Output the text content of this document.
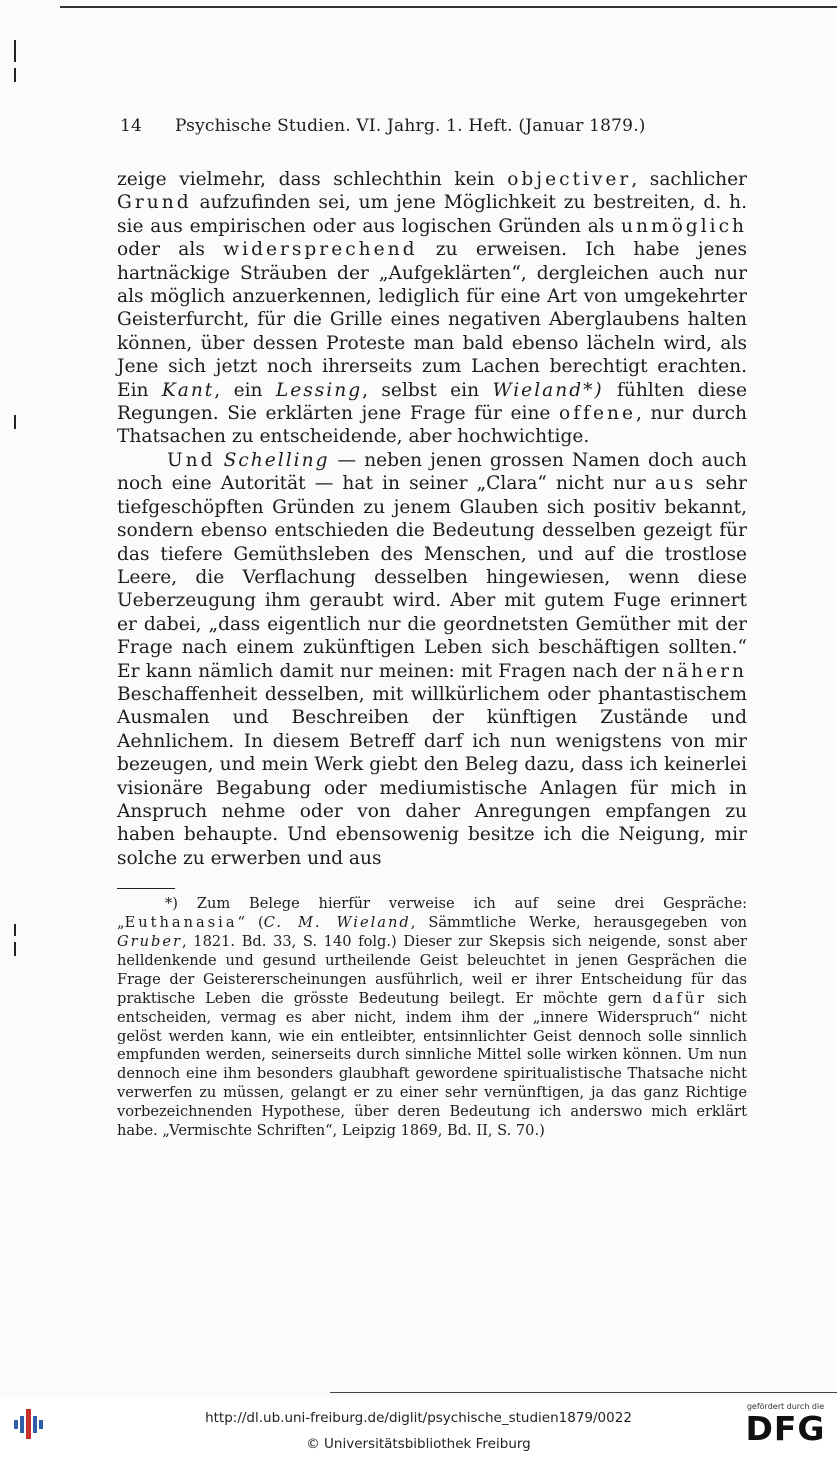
14 Psychische Studien. VI. Jahrg. 1. Heft. (Januar 1879.)

zeige vielmehr, dass schlechthin kein objectiver, sachlicher Grund aufzufinden sei, um jene Möglichkeit zu bestreiten, d. h. sie aus empirischen oder aus logischen Gründen als unmöglich oder als widersprechend zu erweisen. Ich habe jenes hartnäckige Sträuben der „Aufgeklärten“, dergleichen auch nur als möglich anzuerkennen, lediglich für eine Art von umgekehrter Geisterfurcht, für die Grille eines negativen Aberglaubens halten können, über dessen Proteste man bald ebenso lächeln wird, als Jene sich jetzt noch ihrerseits zum Lachen berechtigt erachten. Ein Kant, ein Lessing, selbst ein Wieland*) fühlten diese Regungen. Sie erklärten jene Frage für eine offene, nur durch Thatsachen zu entscheidende, aber hochwichtige.

Und Schelling — neben jenen grossen Namen doch auch noch eine Autorität — hat in seiner „Clara“ nicht nur aus sehr tiefgeschöpften Gründen zu jenem Glauben sich positiv bekannt, sondern ebenso entschieden die Bedeutung desselben gezeigt für das tiefere Gemüthsleben des Menschen, und auf die trostlose Leere, die Verflachung desselben hingewiesen, wenn diese Ueberzeugung ihm geraubt wird. Aber mit gutem Fuge erinnert er dabei, „dass eigentlich nur die geordnetsten Gemüther mit der Frage nach einem zukünftigen Leben sich beschäftigen sollten.“ Er kann nämlich damit nur meinen: mit Fragen nach der nähern Beschaffenheit desselben, mit willkürlichem oder phantastischem Ausmalen und Beschreiben der künftigen Zustände und Aehnlichem. In diesem Betreff darf ich nun wenigstens von mir bezeugen, und mein Werk giebt den Beleg dazu, dass ich keinerlei visionäre Begabung oder mediumistische Anlagen für mich in Anspruch nehme oder von daher Anregungen empfangen zu haben behaupte. Und ebensowenig besitze ich die Neigung, mir solche zu erwerben und aus

*) Zum Belege hierfür verweise ich auf seine drei Gespräche: „Euthanasia“ (C. M. Wieland, Sämmtliche Werke, herausgegeben von Gruber, 1821. Bd. 33, S. 140 folg.) Dieser zur Skepsis sich neigende, sonst aber helldenkende und gesund urtheilende Geist beleuchtet in jenen Gesprächen die Frage der Geistererscheinungen ausführlich, weil er ihrer Entscheidung für das praktische Leben die grösste Bedeutung beilegt. Er möchte gern dafür sich entscheiden, vermag es aber nicht, indem ihm der „innere Widerspruch“ nicht gelöst werden kann, wie ein entleibter, entsinnlichter Geist dennoch solle sinnlich empfunden werden, seinerseits durch sinnliche Mittel solle wirken können. Um nun dennoch eine ihm besonders glaubhaft gewordene spiritualistische Thatsache nicht verwerfen zu müssen, gelangt er zu einer sehr vernünftigen, ja das ganz Richtige vorbezeichnenden Hypothese, über deren Bedeutung ich anderswo mich erklärt habe. „Vermischte Schriften“, Leipzig 1869, Bd. II, S. 70.)

http://dl.ub.uni-freiburg.de/diglit/psychische_studien1879/0022
© Universitätsbibliothek Freiburg
gefördert durch die
DFG
